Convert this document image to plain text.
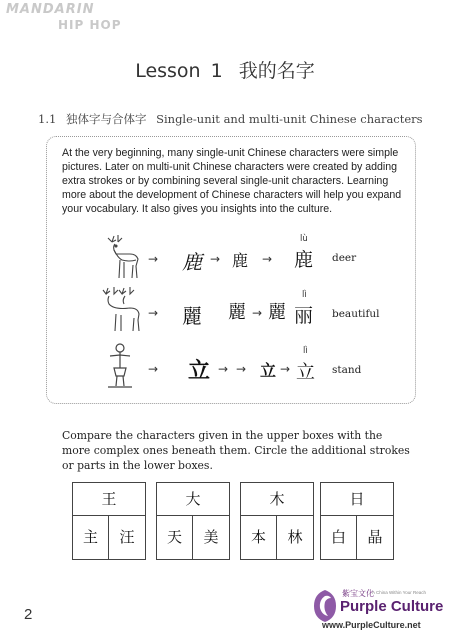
MANDARIN
HIP HOP
Lesson 1 我的名字
1.1 独体字与合体字 Single-unit and multi-unit Chinese characters
At the very beginning, many single-unit Chinese characters were simple pictures. Later on multi-unit Chinese characters were created by adding extra strokes or by combining several single-unit characters. Learning more about the development of Chinese characters will help you expand your vocabulary. It also gives you insights into the culture.
→ 鹿 → 鹿 →
lù
鹿 deer
→ 麗 麗 → 麗
lì
丽 beautiful
→ 立 → → 立 →
lì
立 stand
Compare the characters given in the upper boxes with the more complex ones beneath them. Circle the additional strokes or parts in the lower boxes.
王
主	汪
大
天	美
木
本	林
日
白	晶
2
紫宝文化
A China Within Your Reach
Purple Culture
www.PurpleCulture.net
